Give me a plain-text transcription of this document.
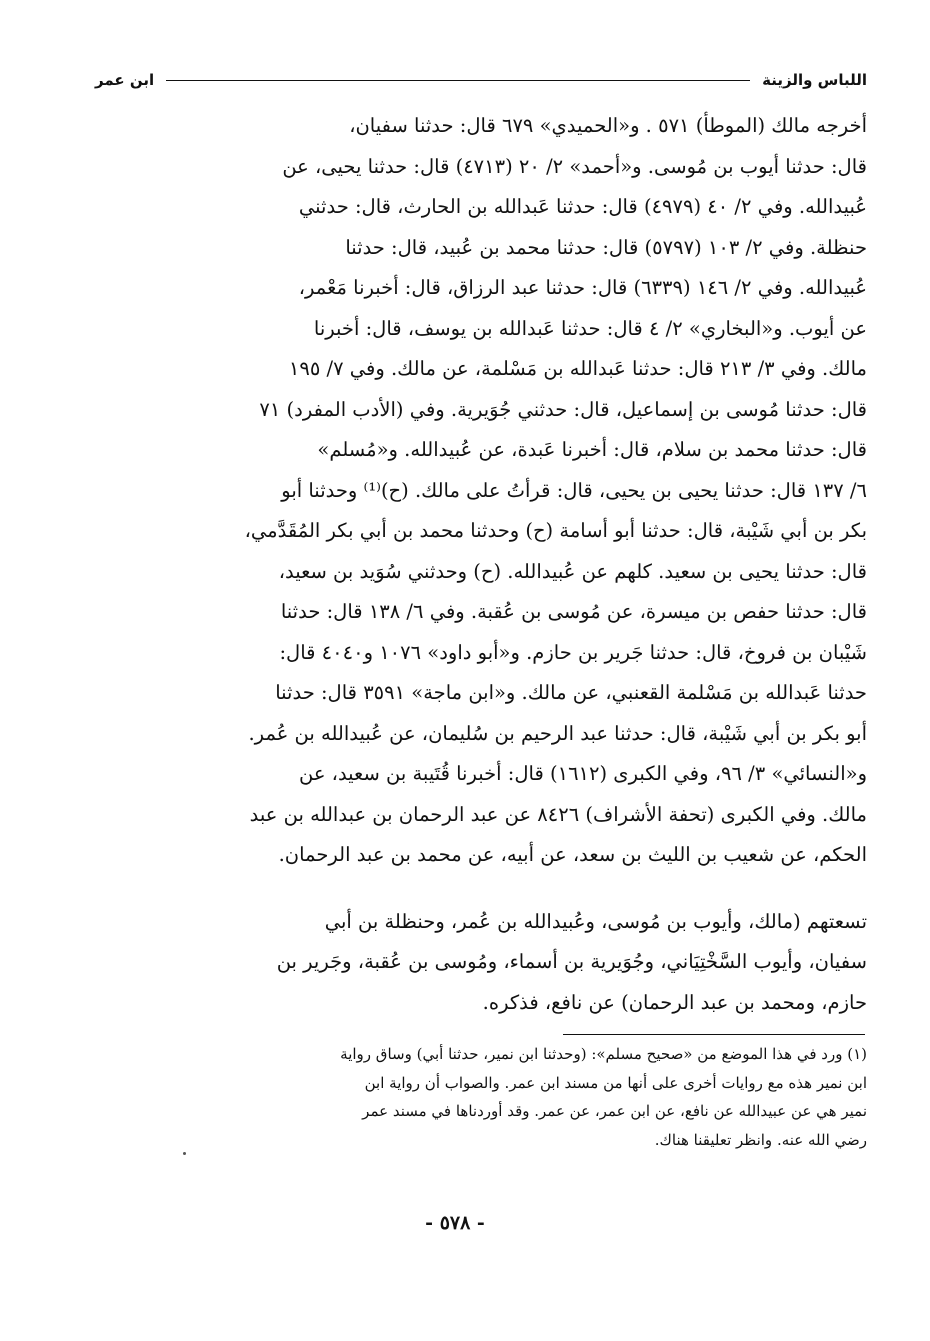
اللباس والزينة
ابن عمر
أخرجه مالك (الموطأ) ٥٧١ . و«الحميدي» ٦٧٩ قال: حدثنا سفيان،
قال: حدثنا أيوب بن مُوسى. و«أحمد» ٢/ ٢٠ (٤٧١٣) قال: حدثنا يحيى، عن
عُبيدالله. وفي ٢/ ٤٠ (٤٩٧٩) قال: حدثنا عَبدالله بن الحارث، قال: حدثني
حنظلة. وفي ٢/ ١٠٣ (٥٧٩٧) قال: حدثنا محمد بن عُبيد، قال: حدثنا
عُبيدالله. وفي ٢/ ١٤٦ (٦٣٣٩) قال: حدثنا عبد الرزاق، قال: أخبرنا مَعْمر،
عن أيوب. و«البخاري» ٢/ ٤ قال: حدثنا عَبدالله بن يوسف، قال: أخبرنا
مالك. وفي ٣/ ٢١٣ قال: حدثنا عَبدالله بن مَسْلمة، عن مالك. وفي ٧/ ١٩٥
قال: حدثنا مُوسى بن إسماعيل، قال: حدثني جُوَيرية. وفي (الأدب المفرد) ٧١
قال: حدثنا محمد بن سلام، قال: أخبرنا عَبدة، عن عُبيدالله. و«مُسلم»
٦/ ١٣٧ قال: حدثنا يحيى بن يحيى، قال: قرأتُ على مالك. (ح)⁽¹⁾ وحدثنا أبو
بكر بن أبي شَيْبة، قال: حدثنا أبو أسامة (ح) وحدثنا محمد بن أبي بكر المُقَدَّمي،
قال: حدثنا يحيى بن سعيد. كلهم عن عُبيدالله. (ح) وحدثني سُوَيد بن سعيد،
قال: حدثنا حفص بن ميسرة، عن مُوسى بن عُقبة. وفي ٦/ ١٣٨ قال: حدثنا
شَيْبان بن فروخ، قال: حدثنا جَرير بن حازم. و«أبو داود» ١٠٧٦ و٤٠٤٠ قال:
حدثنا عَبدالله بن مَسْلمة القعنبي، عن مالك. و«ابن ماجة» ٣٥٩١ قال: حدثنا
أبو بكر بن أبي شَيْبة، قال: حدثنا عبد الرحيم بن سُليمان، عن عُبيدالله بن عُمر.
و«النسائي» ٣/ ٩٦، وفي الكبرى (١٦١٢) قال: أخبرنا قُتَيبة بن سعيد، عن
مالك. وفي الكبرى (تحفة الأشراف) ٨٤٢٦ عن عبد الرحمان بن عبدالله بن عبد
الحكم، عن شعيب بن الليث بن سعد، عن أبيه، عن محمد بن عبد الرحمان.
تسعتهم (مالك، وأيوب بن مُوسى، وعُبيدالله بن عُمر، وحنظلة بن أبي
سفيان، وأيوب السَّخْتِيَاني، وجُوَيرية بن أسماء، ومُوسى بن عُقبة، وجَرير بن
حازم، ومحمد بن عبد الرحمان) عن نافع، فذكره.
(١) ورد في هذا الموضع من «صحيح مسلم»: (وحدثنا ابن نمير، حدثنا أبي) وساق رواية
ابن نمير هذه مع روايات أخرى على أنها من مسند ابن عمر. والصواب أن رواية ابن
نمير هي عن عبيدالله عن نافع، عن ابن عمر، عن عمر. وقد أوردناها في مسند عمر
رضي الله عنه. وانظر تعليقنا هناك.
- ٥٧٨ -
